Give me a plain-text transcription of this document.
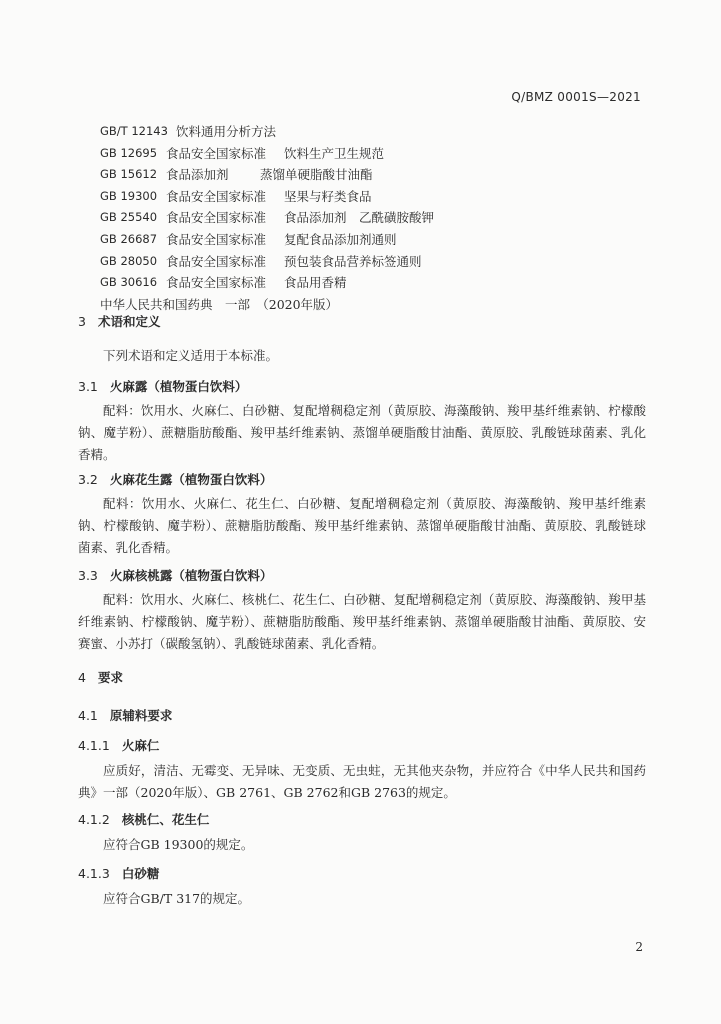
Q/BMZ 0001S—2021
GB/T 12143 饮料通用分析方法
GB 12695 食品安全国家标准	饮料生产卫生规范
GB 15612 食品添加剂	蒸馏单硬脂酸甘油酯
GB 19300 食品安全国家标准	坚果与籽类食品
GB 25540 食品安全国家标准	食品添加剂　乙酰磺胺酸钾
GB 26687 食品安全国家标准	复配食品添加剂通则
GB 28050 食品安全国家标准	预包装食品营养标签通则
GB 30616 食品安全国家标准	食品用香精
中华人民共和国药典　一部　（2020年版）
3 术语和定义
下列术语和定义适用于本标准。
3.1 火麻露（植物蛋白饮料）
配料：饮用水、火麻仁、白砂糖、复配增稠稳定剂（黄原胶、海藻酸钠、羧甲基纤维素钠、柠檬酸钠、魔芋粉）、蔗糖脂肪酸酯、羧甲基纤维素钠、蒸馏单硬脂酸甘油酯、黄原胶、乳酸链球菌素、乳化香精。
3.2 火麻花生露（植物蛋白饮料）
配料：饮用水、火麻仁、花生仁、白砂糖、复配增稠稳定剂（黄原胶、海藻酸钠、羧甲基纤维素钠、柠檬酸钠、魔芋粉）、蔗糖脂肪酸酯、羧甲基纤维素钠、蒸馏单硬脂酸甘油酯、黄原胶、乳酸链球菌素、乳化香精。
3.3 火麻核桃露（植物蛋白饮料）
配料：饮用水、火麻仁、核桃仁、花生仁、白砂糖、复配增稠稳定剂（黄原胶、海藻酸钠、羧甲基纤维素钠、柠檬酸钠、魔芋粉）、蔗糖脂肪酸酯、羧甲基纤维素钠、蒸馏单硬脂酸甘油酯、黄原胶、安赛蜜、小苏打（碳酸氢钠）、乳酸链球菌素、乳化香精。
4 要求
4.1 原辅料要求
4.1.1 火麻仁
应质好，清洁、无霉变、无异味、无变质、无虫蛀，无其他夹杂物，并应符合《中华人民共和国药典》一部（2020年版）、GB 2761、GB 2762和GB 2763的规定。
4.1.2 核桃仁、花生仁
应符合GB 19300的规定。
4.1.3 白砂糖
应符合GB/T 317的规定。
2
